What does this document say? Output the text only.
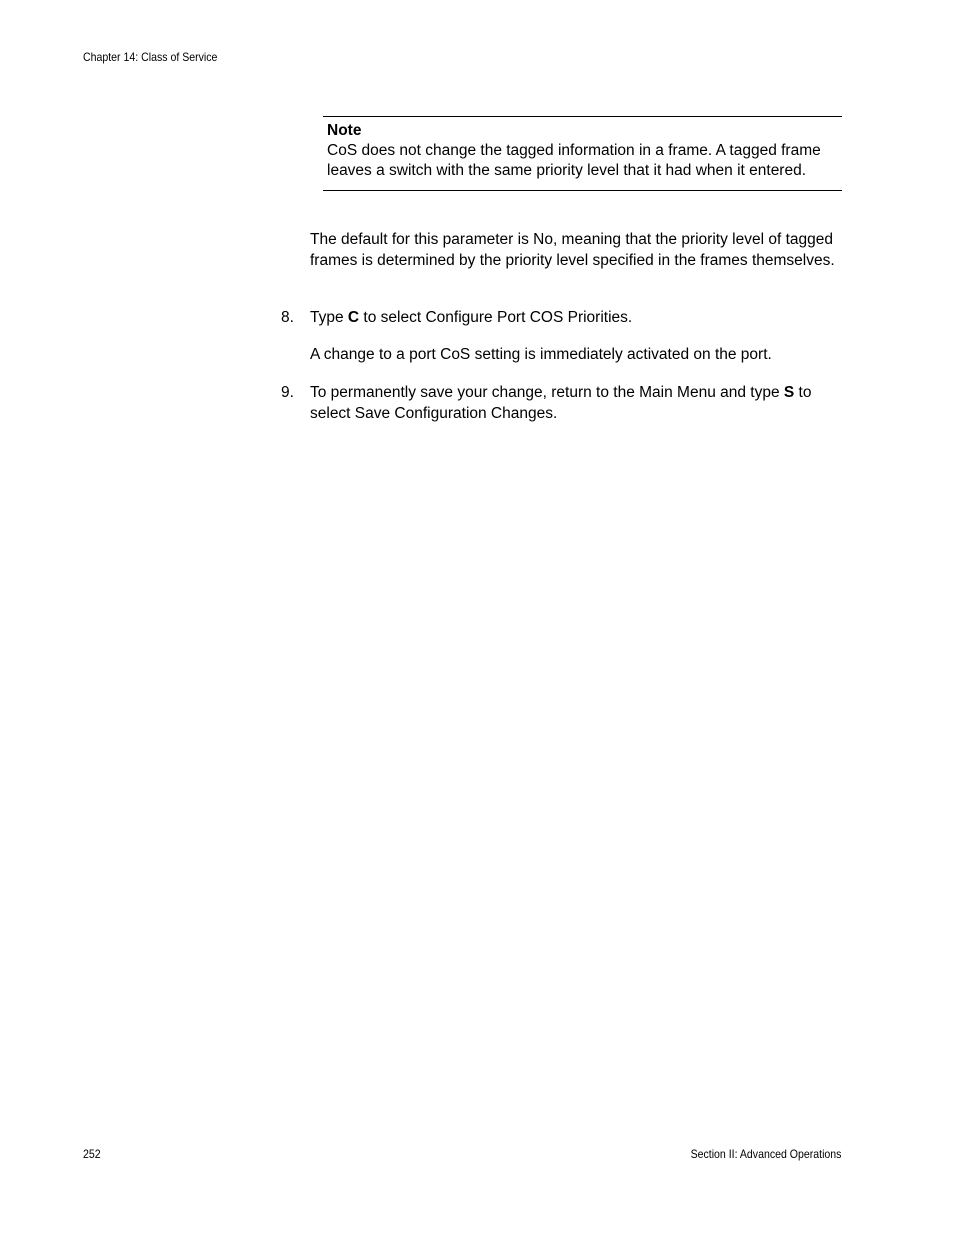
Chapter 14: Class of Service
Note
CoS does not change the tagged information in a frame. A tagged frame leaves a switch with the same priority level that it had when it entered.
The default for this parameter is No, meaning that the priority level of tagged frames is determined by the priority level specified in the frames themselves.
8. Type C to select Configure Port COS Priorities.
A change to a port CoS setting is immediately activated on the port.
9. To permanently save your change, return to the Main Menu and type S to select Save Configuration Changes.
252	Section II: Advanced Operations
